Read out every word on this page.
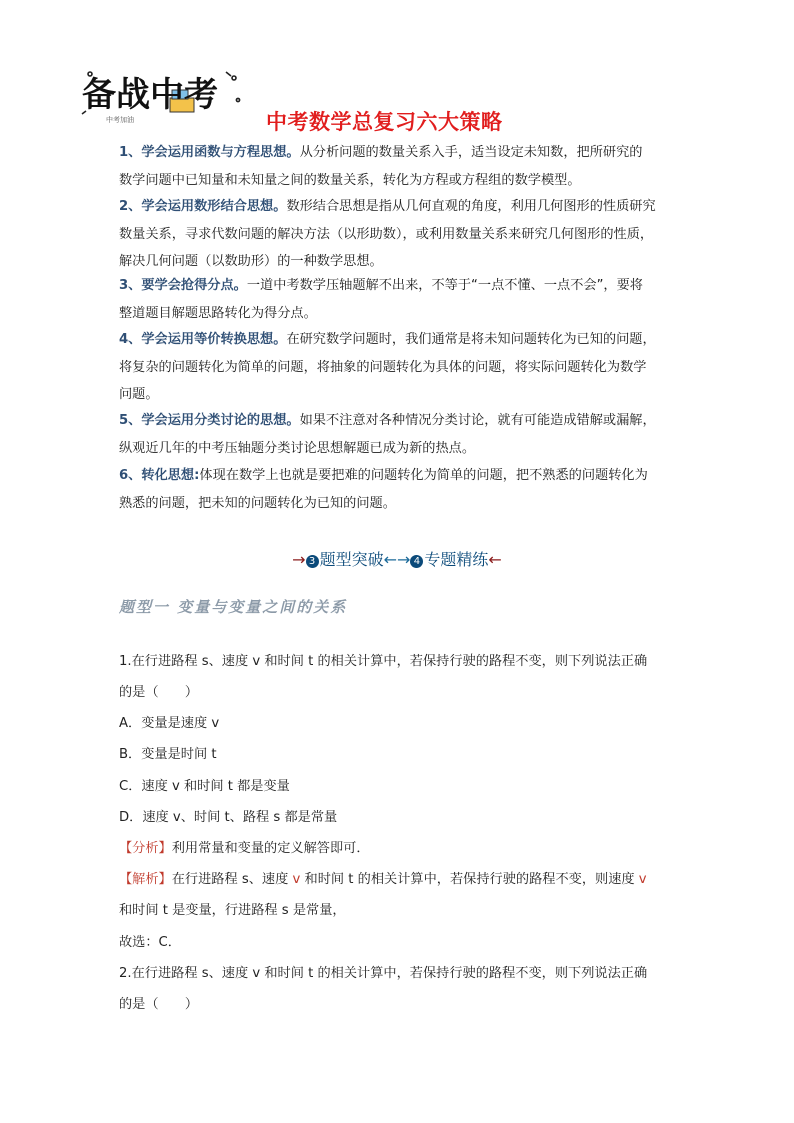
备战中考
中考加油	中考数学总复习六大策略
1、学会运用函数与方程思想。从分析问题的数量关系入手，适当设定未知数，把所研究的
数学问题中已知量和未知量之间的数量关系，转化为方程或方程组的数学模型。
2、学会运用数形结合思想。数形结合思想是指从几何直观的角度，利用几何图形的性质研究
数量关系，寻求代数问题的解决方法（以形助数），或利用数量关系来研究几何图形的性质，
解决几何问题（以数助形）的一种数学思想。
3、要学会抢得分点。一道中考数学压轴题解不出来，不等于“一点不懂、一点不会”，要将
整道题目解题思路转化为得分点。
4、学会运用等价转换思想。在研究数学问题时，我们通常是将未知问题转化为已知的问题，
将复杂的问题转化为简单的问题，将抽象的问题转化为具体的问题，将实际问题转化为数学
问题。
5、学会运用分类讨论的思想。如果不注意对各种情况分类讨论，就有可能造成错解或漏解，
纵观近几年的中考压轴题分类讨论思想解题已成为新的热点。
6、转化思想:体现在数学上也就是要把难的问题转化为简单的问题，把不熟悉的问题转化为
熟悉的问题，把未知的问题转化为已知的问题。
→ 3 题型突破←→ 4 专题精练←
题型一 变量与变量之间的关系
1.在行进路程 s、速度 v 和时间 t 的相关计算中，若保持行驶的路程不变，则下列说法正确
的是（　　）
A．变量是速度 v
B．变量是时间 t
C．速度 v 和时间 t 都是变量
D．速度 v、时间 t、路程 s 都是常量
【分析】利用常量和变量的定义解答即可．
【解析】在行进路程 s、速度 v 和时间 t 的相关计算中，若保持行驶的路程不变，则速度 v
和时间 t 是变量，行进路程 s 是常量，
故选：C．
2.在行进路程 s、速度 v 和时间 t 的相关计算中，若保持行驶的路程不变，则下列说法正确
的是（　　）
